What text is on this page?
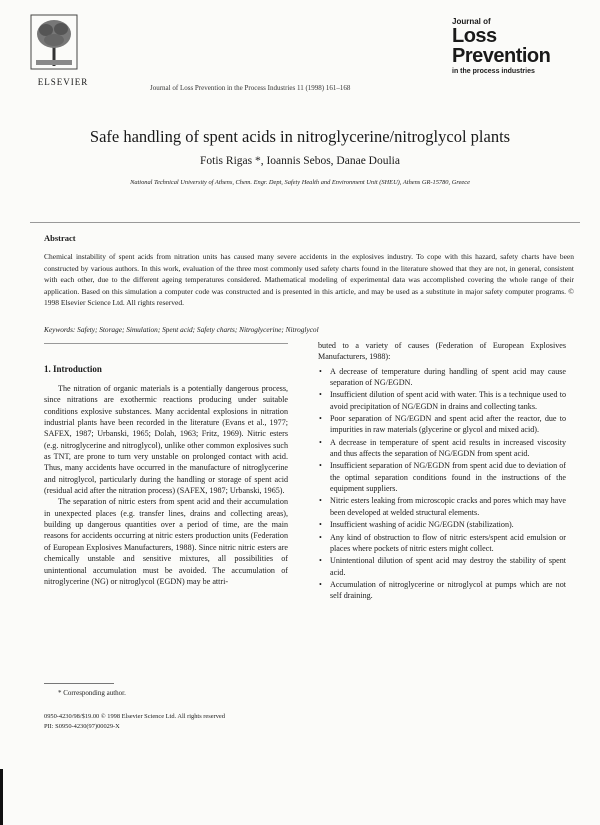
ELSEVIER
Journal of Loss Prevention in the Process Industries 11 (1998) 161–168
Journal of
Loss
Prevention
in the process industries
Safe handling of spent acids in nitroglycerine/nitroglycol plants
Fotis Rigas *, Ioannis Sebos, Danae Doulia
National Technical University of Athens, Chem. Engr. Dept, Safety Health and Environment Unit (SHEU), Athens GR-15780, Greece
Abstract
Chemical instability of spent acids from nitration units has caused many severe accidents in the explosives industry. To cope with this hazard, safety charts have been constructed by various authors. In this work, evaluation of the three most commonly used safety charts found in the literature showed that they are not, in general, consistent with each other, due to the different ageing temperatures considered. Mathematical modeling of experimental data was accomplished covering the whole range of their application. Based on this simulation a computer code was constructed and is presented in this article, and may be used as a substitute in major safety computer programs. © 1998 Elsevier Science Ltd. All rights reserved.
Keywords: Safety; Storage; Simulation; Spent acid; Safety charts; Nitroglycerine; Nitroglycol
1. Introduction

The nitration of organic materials is a potentially dangerous process, since nitrations are exothermic reactions producing under suitable conditions explosive substances. Many accidental explosions in nitration industrial plants have been recorded in the literature (Evans et al., 1977; SAFEX, 1987; Urbanski, 1965; Dolah, 1963; Fritz, 1969). Nitric esters (e.g. nitroglycerine and nitroglycol), unlike other common explosives such as TNT, are prone to turn very unstable on prolonged contact with acid. Thus, many accidents have occurred in the manufacture of nitroglycerine and nitroglycol, particularly during the handling or storage of spent acid (residual acid after the nitration process) (SAFEX, 1987; Urbanski, 1965).

The separation of nitric esters from spent acid and their accumulation in unexpected places (e.g. transfer lines, drains and collecting areas), building up dangerous quantities over a period of time, are the main reasons for accidents occurring at nitric esters production units (Federation of European Explosives Manufacturers, 1988). Since nitric nitric esters are chemically unstable and sensitive mixtures, all possibilities of unintentional accumulation must be avoided. The accumulation of nitroglycerine (NG) or nitroglycol (EGDN) may be attri-

buted to a variety of causes (Federation of European Explosives Manufacturers, 1988):

• A decrease of temperature during handling of spent acid may cause separation of NG/EGDN.
• Insufficient dilution of spent acid with water. This is a technique used to avoid precipitation of NG/EGDN in drains and collecting tanks.
• Poor separation of NG/EGDN and spent acid after the reactor, due to impurities in raw materials (glycerine or glycol and mixed acid).
• A decrease in temperature of spent acid results in increased viscosity and thus affects the separation of NG/EGDN from spent acid.
• Insufficient separation of NG/EGDN from spent acid due to deviation of the optimal separation conditions found in the instructions of the equipment suppliers.
• Nitric esters leaking from microscopic cracks and pores which may have been developed at welded structural elements.
• Insufficient washing of acidic NG/EGDN (stabilization).
• Any kind of obstruction to flow of nitric esters/spent acid emulsion or places where pockets of nitric esters might collect.
• Unintentional dilution of spent acid may destroy the stability of spent acid.
• Accumulation of nitroglycerine or nitroglycol at pumps which are not self draining.
* Corresponding author.
0950-4230/98/$19.00 © 1998 Elsevier Science Ltd. All rights reserved
PII: S0950-4230(97)00029-X
